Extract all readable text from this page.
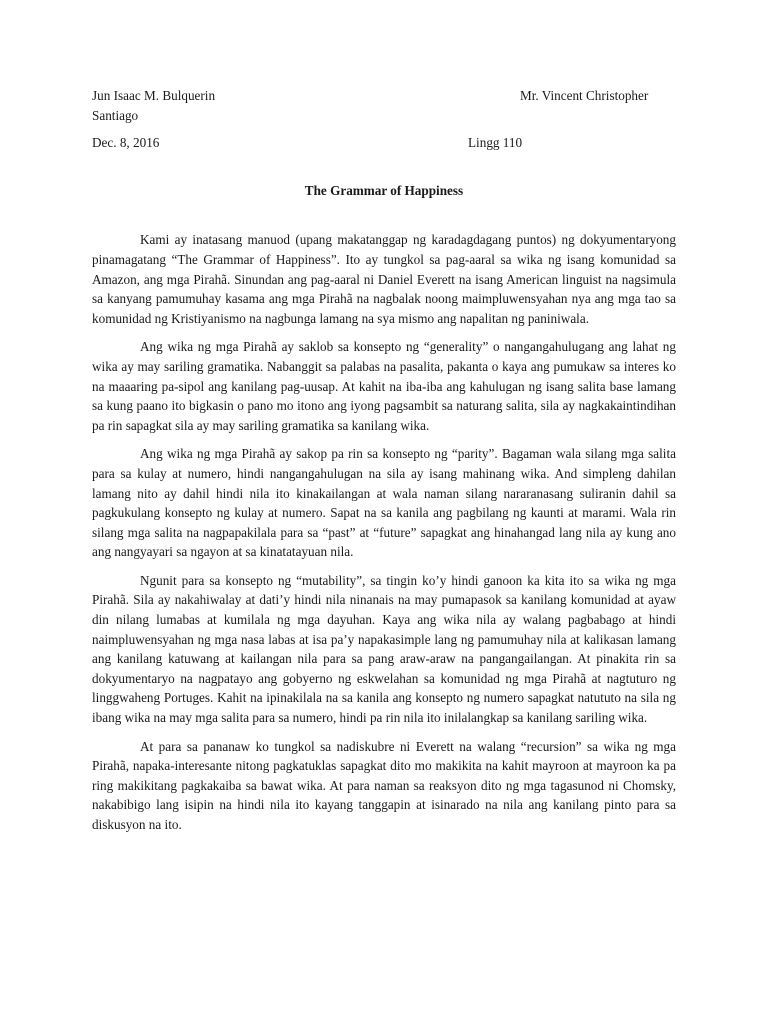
Jun Isaac M. Bulquerin	Mr. Vincent Christopher
Santiago
Dec. 8, 2016	Lingg 110
The Grammar of Happiness

Kami ay inatasang manuod (upang makatanggap ng karadagdagang puntos) ng dokyumentaryong pinamagatang “The Grammar of Happiness”. Ito ay tungkol sa pag-aaral sa wika ng isang komunidad sa Amazon, ang mga Pirahã. Sinundan ang pag-aaral ni Daniel Everett na isang American linguist na nagsimula sa kanyang pamumuhay kasama ang mga Pirahã na nagbalak noong maimpluwensyahan nya ang mga tao sa komunidad ng Kristiyanismo na nagbunga lamang na sya mismo ang napalitan ng paniniwala.

Ang wika ng mga Pirahã ay saklob sa konsepto ng “generality” o nangangahulugang ang lahat ng wika ay may sariling gramatika. Nabanggit sa palabas na pasalita, pakanta o kaya ang pumukaw sa interes ko na maaaring pa-sipol ang kanilang pag-uusap. At kahit na iba-iba ang kahulugan ng isang salita base lamang sa kung paano ito bigkasin o pano mo itono ang iyong pagsambit sa naturang salita, sila ay nagkakaintindihan pa rin sapagkat sila ay may sariling gramatika sa kanilang wika.

Ang wika ng mga Pirahã ay sakop pa rin sa konsepto ng “parity”. Bagaman wala silang mga salita para sa kulay at numero, hindi nangangahulugan na sila ay isang mahinang wika. And simpleng dahilan lamang nito ay dahil hindi nila ito kinakailangan at wala naman silang nararanasang suliranin dahil sa pagkukulang konsepto ng kulay at numero. Sapat na sa kanila ang pagbilang ng kaunti at marami. Wala rin silang mga salita na nagpapakilala para sa “past” at “future” sapagkat ang hinahangad lang nila ay kung ano ang nangyayari sa ngayon at sa kinatatayuan nila.

Ngunit para sa konsepto ng “mutability”, sa tingin ko’y hindi ganoon ka kita ito sa wika ng mga Pirahã. Sila ay nakahiwalay at dati’y hindi nila ninanais na may pumapasok sa kanilang komunidad at ayaw din nilang lumabas at kumilala ng mga dayuhan. Kaya ang wika nila ay walang pagbabago at hindi naimpluwensyahan ng mga nasa labas at isa pa’y napakasimple lang ng pamumuhay nila at kalikasan lamang ang kanilang katuwang at kailangan nila para sa pang araw-araw na pangangailangan. At pinakita rin sa dokyumentaryo na nagpatayo ang gobyerno ng eskwelahan sa komunidad ng mga Pirahã at nagtuturo ng linggwaheng Portuges. Kahit na ipinakilala na sa kanila ang konsepto ng numero sapagkat natututo na sila ng ibang wika na may mga salita para sa numero, hindi pa rin nila ito inilalangkap sa kanilang sariling wika.

At para sa pananaw ko tungkol sa nadiskubre ni Everett na walang “recursion” sa wika ng mga Pirahã, napaka-interesante nitong pagkatuklas sapagkat dito mo makikita na kahit mayroon at mayroon ka pa ring makikitang pagkakaiba sa bawat wika. At para naman sa reaksyon dito ng mga tagasunod ni Chomsky, nakabibigo lang isipin na hindi nila ito kayang tanggapin at isinarado na nila ang kanilang pinto para sa diskusyon na ito.
